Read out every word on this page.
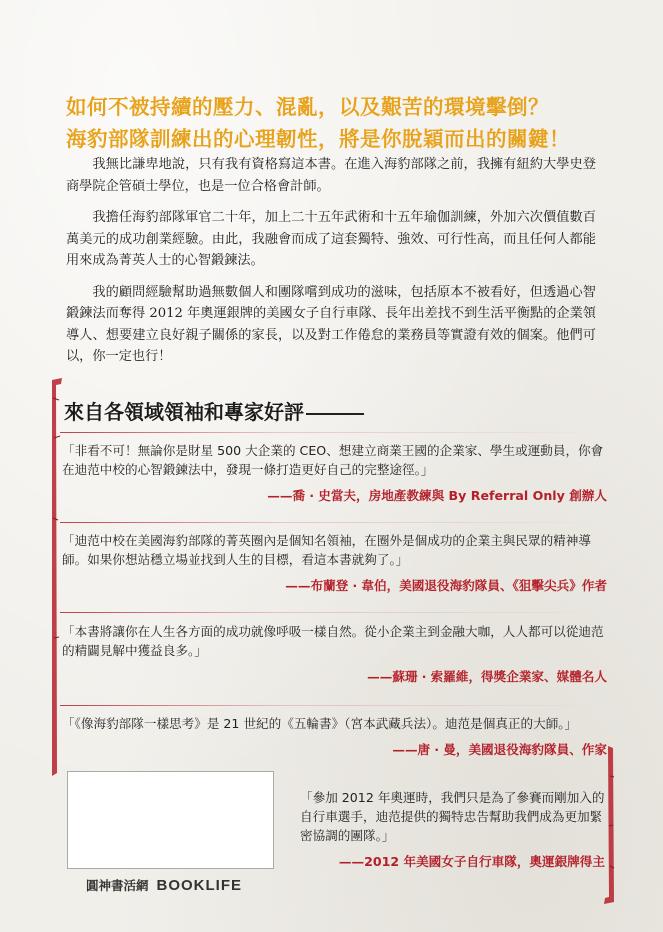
如何不被持續的壓力、混亂，以及艱苦的環境擊倒？
海豹部隊訓練出的心理韌性，將是你脫穎而出的關鍵！

我無比謙卑地說，只有我有資格寫這本書。在進入海豹部隊之前，我擁有紐約大學史登商學院企管碩士學位，也是一位合格會計師。

我擔任海豹部隊軍官二十年，加上二十五年武術和十五年瑜伽訓練，外加六次價值數百萬美元的成功創業經驗。由此，我融會而成了這套獨特、強效、可行性高，而且任何人都能用來成為菁英人士的心智鍛鍊法。

我的顧問經驗幫助過無數個人和團隊嚐到成功的滋味，包括原本不被看好，但透過心智鍛鍊法而奪得 2012 年奧運銀牌的美國女子自行車隊、長年出差找不到生活平衡點的企業領導人、想要建立良好親子關係的家長，以及對工作倦怠的業務員等實證有效的個案。他們可以，你一定也行！

來自各領域領袖和專家好評
「非看不可！無論你是財星 500 大企業的 CEO、想建立商業王國的企業家、學生或運動員，你會在迪范中校的心智鍛鍊法中，發現一條打造更好自己的完整途徑。」
——喬 ‧ 史當夫，房地產教練與 By Referral Only 創辦人
「迪范中校在美國海豹部隊的菁英圈內是個知名領袖，在圈外是個成功的企業主與民眾的精神導師。如果你想站穩立場並找到人生的目標，看這本書就夠了。」
——布蘭登 ‧ 韋伯，美國退役海豹隊員、《狙擊尖兵》作者
「本書將讓你在人生各方面的成功就像呼吸一樣自然。從小企業主到金融大咖，人人都可以從迪范的精闢見解中獲益良多。」
——蘇珊 ‧ 索羅維，得獎企業家、媒體名人
「《像海豹部隊一樣思考》是 21 世紀的《五輪書》（宮本武藏兵法）。迪范是個真正的大師。」
——唐 ‧ 曼，美國退役海豹隊員、作家
圓神書活網 BOOKLIFE
「參加 2012 年奧運時，我們只是為了參賽而剛加入的自行車選手，迪范提供的獨特忠告幫助我們成為更加緊密協調的團隊。」
——2012 年美國女子自行車隊，奧運銀牌得主
